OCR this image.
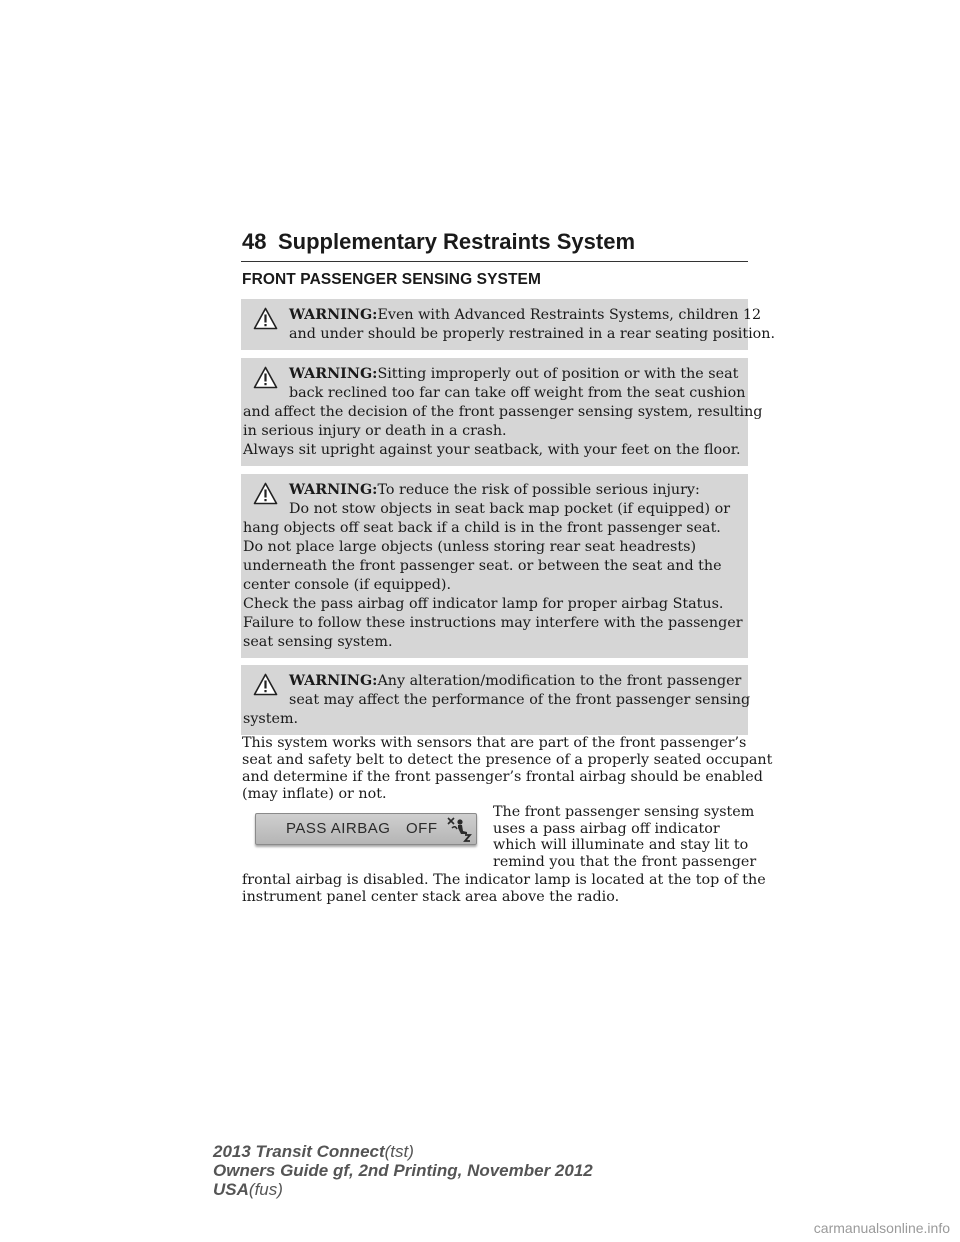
48 Supplementary Restraints System
FRONT PASSENGER SENSING SYSTEM
WARNING:Even with Advanced Restraints Systems, children 12
and under should be properly restrained in a rear seating position.
WARNING:Sitting improperly out of position or with the seat
back reclined too far can take off weight from the seat cushion
and affect the decision of the front passenger sensing system, resulting
in serious injury or death in a crash.
Always sit upright against your seatback, with your feet on the floor.
WARNING:To reduce the risk of possible serious injury:
Do not stow objects in seat back map pocket (if equipped) or
hang objects off seat back if a child is in the front passenger seat.
Do not place large objects (unless storing rear seat headrests)
underneath the front passenger seat. or between the seat and the
center console (if equipped).
Check the pass airbag off indicator lamp for proper airbag Status.
Failure to follow these instructions may interfere with the passenger
seat sensing system.
WARNING:Any alteration/modification to the front passenger
seat may affect the performance of the front passenger sensing
system.
This system works with sensors that are part of the front passenger’s
seat and safety belt to detect the presence of a properly seated occupant
and determine if the front passenger’s frontal airbag should be enabled
(may inflate) or not.
PASS AIRBAG OFF
The front passenger sensing system
uses a pass airbag off indicator
which will illuminate and stay lit to
remind you that the front passenger
frontal airbag is disabled. The indicator lamp is located at the top of the
instrument panel center stack area above the radio.
2013 Transit Connect(tst)
Owners Guide gf, 2nd Printing, November 2012
USA(fus)
carmanualsonline.info
